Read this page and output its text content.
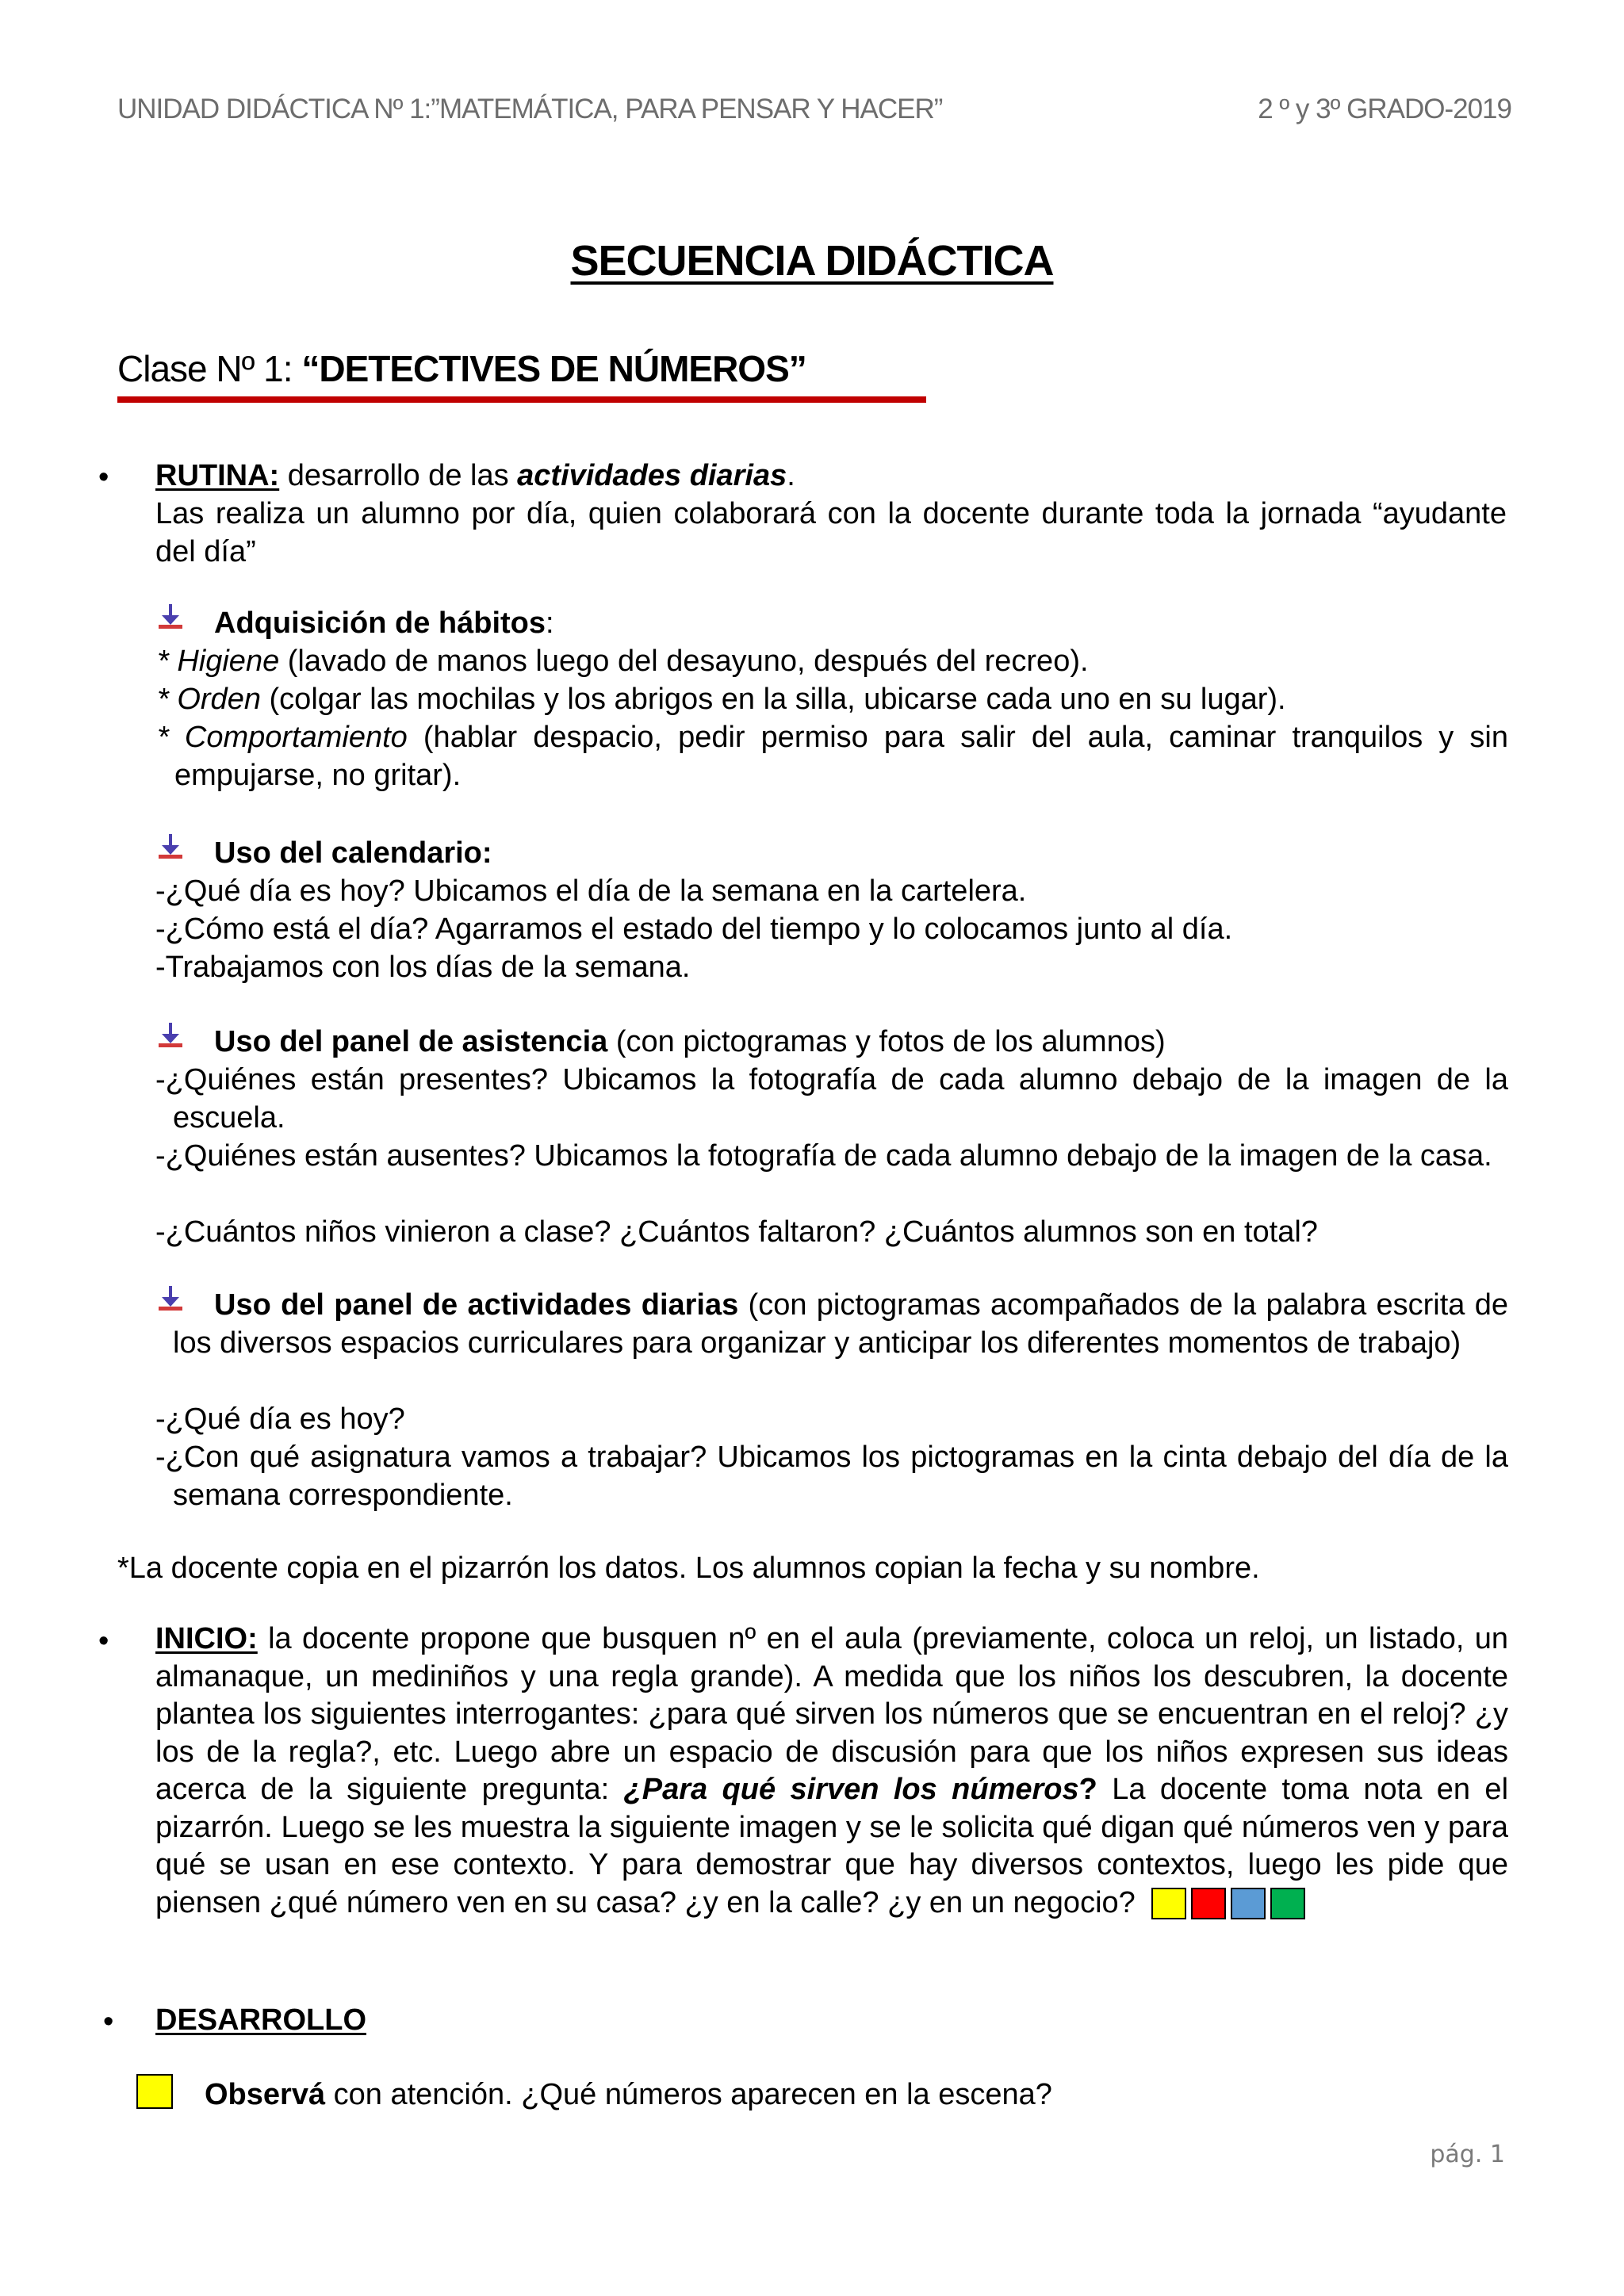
UNIDAD DIDÁCTICA Nº 1:”MATEMÁTICA, PARA PENSAR Y HACER”	2 º y 3º GRADO-2019
SECUENCIA DIDÁCTICA
Clase Nº 1: “DETECTIVES DE NÚMEROS”
• RUTINA: desarrollo de las actividades diarias.
Las realiza un alumno por día, quien colaborará con la docente durante toda la jornada “ayudante del día”
Adquisición de hábitos:
* Higiene (lavado de manos luego del desayuno, después del recreo).
* Orden (colgar las mochilas y los abrigos en la silla, ubicarse cada uno en su lugar).
* Comportamiento (hablar despacio, pedir permiso para salir del aula, caminar tranquilos y sin empujarse, no gritar).
Uso del calendario:
-¿Qué día es hoy? Ubicamos el día de la semana en la cartelera.
-¿Cómo está el día? Agarramos el estado del tiempo y lo colocamos junto al día.
-Trabajamos con los días de la semana.
Uso del panel de asistencia (con pictogramas y fotos de los alumnos)
-¿Quiénes están presentes? Ubicamos la fotografía de cada alumno debajo de la imagen de la escuela.
-¿Quiénes están ausentes? Ubicamos la fotografía de cada alumno debajo de la imagen de la casa.
-¿Cuántos niños vinieron a clase? ¿Cuántos faltaron? ¿Cuántos alumnos son en total?
Uso del panel de actividades diarias (con pictogramas acompañados de la palabra escrita de los diversos espacios curriculares para organizar y anticipar los diferentes momentos de trabajo)
-¿Qué día es hoy?
-¿Con qué asignatura vamos a trabajar? Ubicamos los pictogramas en la cinta debajo del día de la semana correspondiente.
*La docente copia en el pizarrón los datos. Los alumnos copian la fecha y su nombre.
• INICIO: la docente propone que busquen nº en el aula (previamente, coloca un reloj, un listado, un almanaque, un mediniños y una regla grande). A medida que los niños los descubren, la docente plantea los siguientes interrogantes: ¿para qué sirven los números que se encuentran en el reloj? ¿y los de la regla?, etc. Luego abre un espacio de discusión para que los niños expresen sus ideas acerca de la siguiente pregunta: ¿Para qué sirven los números? La docente toma nota en el pizarrón. Luego se les muestra la siguiente imagen y se le solicita qué digan qué números ven y para qué se usan en ese contexto. Y para demostrar que hay diversos contextos, luego les pide que piensen ¿qué número ven en su casa? ¿y en la calle? ¿y en un negocio?
• DESARROLLO
Observá con atención. ¿Qué números aparecen en la escena?
pág. 1
